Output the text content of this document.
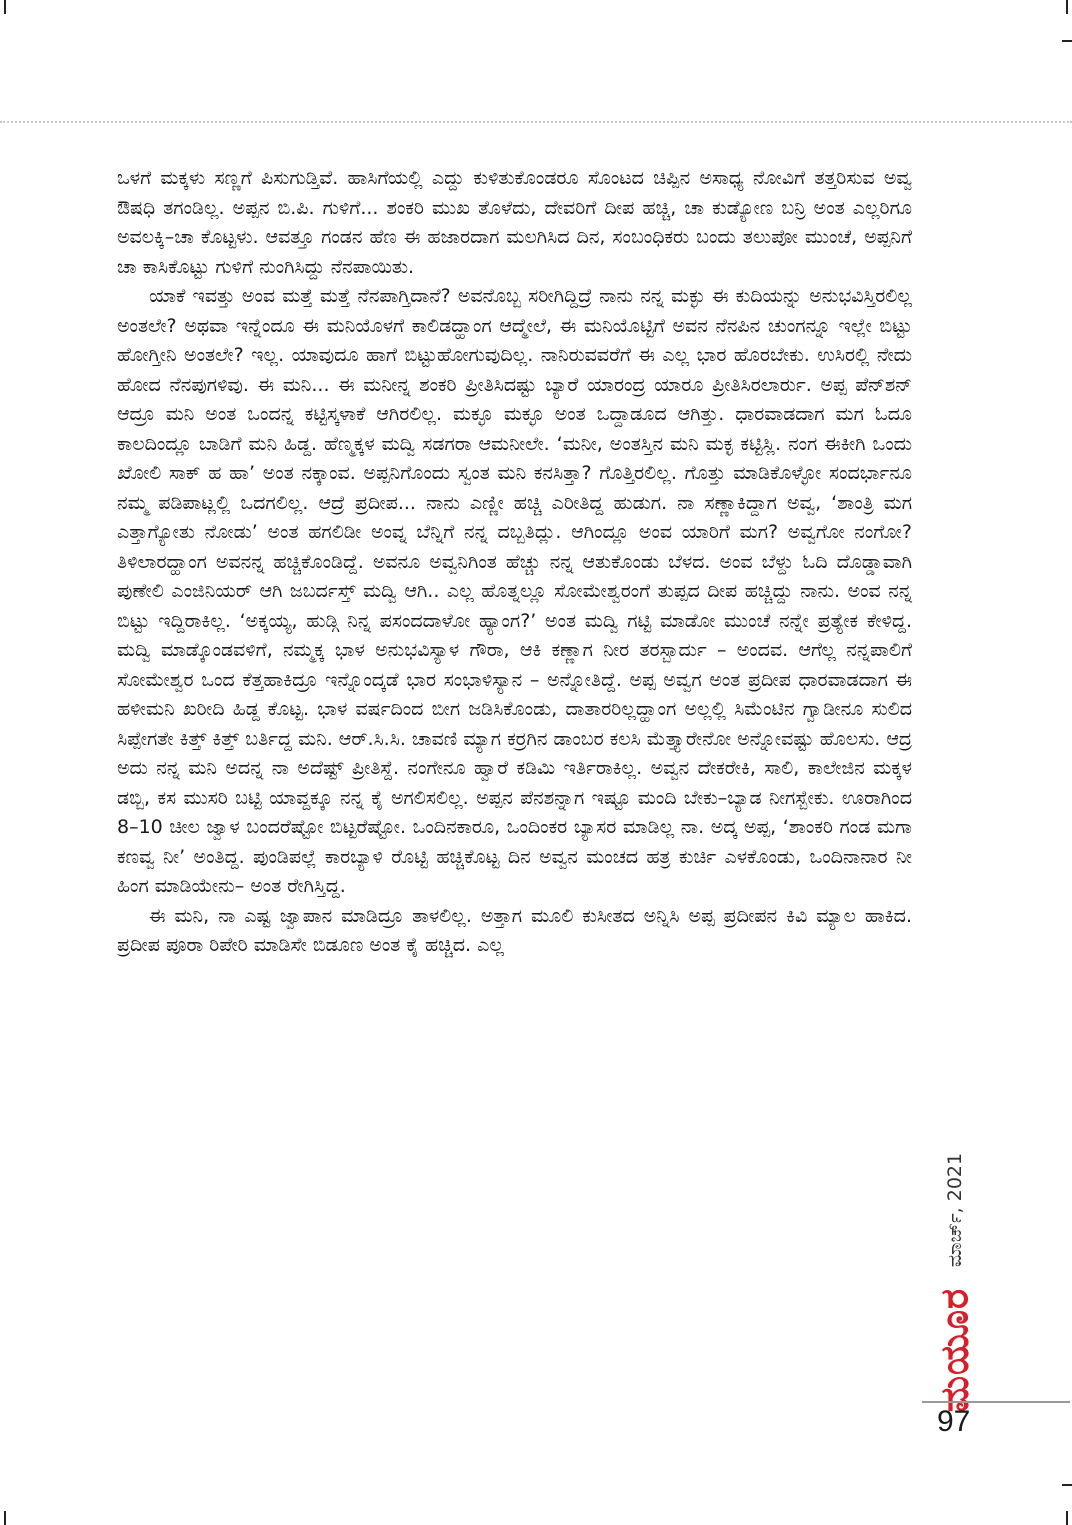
ಒಳಗೆ ಮಕ್ಕಳು ಸಣ್ಣಗೆ ಪಿಸುಗುಡ್ತಿವೆ. ಹಾಸಿಗೆಯಲ್ಲಿ ಎದ್ದು ಕುಳಿತುಕೊಂಡರೂ ಸೊಂಟದ ಚಿಪ್ಪಿನ ಅಸಾಧ್ಯ ನೋವಿಗೆ ತತ್ತರಿಸುವ ಅವ್ವ ಔಷಧಿ ತಗಂಡಿಲ್ಲ. ಅಪ್ಪನ ಬಿ.ಪಿ. ಗುಳಿಗೆ... ಶಂಕರಿ ಮುಖ ತೊಳೆದು, ದೇವರಿಗೆ ದೀಪ ಹಚ್ಚಿ, ಚಾ ಕುಡ್ಯೋಣ ಬನ್ರಿ ಅಂತ ಎಲ್ಲರಿಗೂ ಅವಲಕ್ಕಿ–ಚಾ ಕೊಟ್ಟಳು. ಆವತ್ತೂ ಗಂಡನ ಹೆಣ ಈ ಹಜಾರದಾಗ ಮಲಗಿಸಿದ ದಿನ, ಸಂಬಂಧಿಕರು ಬಂದು ತಲುಪೋ ಮುಂಚೆ, ಅಪ್ಪನಿಗೆ ಚಾ ಕಾಸಿಕೊಟ್ಟು ಗುಳಿಗೆ ನುಂಗಿಸಿದ್ದು ನೆನಪಾಯಿತು.

ಯಾಕೆ ಇವತ್ತು ಅಂವ ಮತ್ತೆ ಮತ್ತೆ ನೆನಪಾಗ್ತಿದಾನೆ? ಅವನೊಬ್ಬ ಸರೀಗಿದ್ದಿದ್ರೆ ನಾನು ನನ್ನ ಮಕ್ಳು ಈ ಕುದಿಯನ್ನು ಅನುಭವಿಸ್ತಿರಲಿಲ್ಲ ಅಂತಲೇ? ಅಥವಾ ಇನ್ನೆಂದೂ ಈ ಮನಿಯೊಳಗೆ ಕಾಲಿಡದ್ಹಾಂಗ ಆದ್ಮೇಲೆ, ಈ ಮನಿಯೊಟ್ಟಿಗೆ ಅವನ ನೆನಪಿನ ಚುಂಗನ್ನೂ ಇಲ್ಲೇ ಬಿಟ್ಟು ಹೋಗ್ತೀನಿ ಅಂತಲೇ? ಇಲ್ಲ. ಯಾವುದೂ ಹಾಗೆ ಬಿಟ್ಟುಹೋಗುವುದಿಲ್ಲ. ನಾನಿರುವವರೆಗೆ ಈ ಎಲ್ಲ ಭಾರ ಹೊರಬೇಕು. ಉಸಿರಲ್ಲಿ ನೇದು ಹೋದ ನೆನಪುಗಳಿವು. ಈ ಮನಿ... ಈ ಮನೀನ್ನ ಶಂಕರಿ ಪ್ರೀತಿಸಿದಷ್ಟು ಬ್ಯಾರೆ ಯಾರಂದ್ರ ಯಾರೂ ಪ್ರೀತಿಸಿರಲಾರ್ರು. ಅಪ್ಪ ಪೆನ್‌ಶನ್ ಆದ್ರೂ ಮನಿ ಅಂತ ಒಂದನ್ನ ಕಟ್ಟಿಸ್ಕಳಾಕೆ ಆಗಿರಲಿಲ್ಲ. ಮಕ್ಳೂ ಮಕ್ಳೂ ಅಂತ ಒದ್ದಾಡೂದ ಆಗಿತ್ತು. ಧಾರವಾಡದಾಗ ಮಗ ಓದೂ ಕಾಲದಿಂದ್ಲೂ ಬಾಡಿಗೆ ಮನಿ ಹಿಡ್ದ. ಹೆಣ್ಮಕ್ಕಳ ಮದ್ವಿ ಸಡಗರಾ ಆಮನೀಲೇ. ‘ಮನೀ, ಅಂತಸ್ತಿನ ಮನಿ ಮಕ್ಳ ಕಟ್ಟಿಸ್ಲಿ. ನಂಗ ಈಕೀಗಿ ಒಂದು ಖೋಲಿ ಸಾಕ್ ಹ ಹಾ’ ಅಂತ ನಕ್ಕಾಂವ. ಅಪ್ಪನಿಗೊಂದು ಸ್ವಂತ ಮನಿ ಕನಸಿತ್ತಾ? ಗೊತ್ತಿರಲಿಲ್ಲ. ಗೊತ್ತು ಮಾಡಿಕೊಳ್ಳೋ ಸಂದರ್ಭಾನೂ ನಮ್ಮ ಪಡಿಪಾಟ್ಲಲ್ಲಿ ಒದಗಲಿಲ್ಲ. ಆದ್ರೆ ಪ್ರದೀಪ... ನಾನು ಎಣ್ಣೀ ಹಚ್ಚಿ ಎರೀತಿದ್ದ ಹುಡುಗ. ನಾ ಸಣ್ಣಾಕಿದ್ದಾಗ ಅವ್ವ, ‘ಶಾಂತ್ರಿ ಮಗ ಎತ್ತಾಗ್ಯೋತು ನೋಡು’ ಅಂತ ಹಗಲಿಡೀ ಅಂವ್ನ ಬೆನ್ನಿಗೆ ನನ್ನ ದಬ್ಬತಿದ್ಲು. ಆಗಿಂದ್ಲೂ ಅಂವ ಯಾರಿಗೆ ಮಗ? ಅವ್ವಗೋ ನಂಗೋ? ತಿಳಿಲಾರದ್ಹಾಂಗ ಅವನನ್ನ ಹಚ್ಚಿಕೊಂಡಿದ್ದೆ. ಅವನೂ ಅವ್ವನಿಗಿಂತ ಹೆಚ್ಚು ನನ್ನ ಆತುಕೊಂಡು ಬೆಳದ. ಅಂವ ಬೆಳ್ದು ಓದಿ ದೊಡ್ಡಾವಾಗಿ ಪುಣೇಲಿ ಎಂಜಿನಿಯರ್ ಆಗಿ ಜಬರ್ದಸ್ತ್ ಮದ್ವಿ ಆಗಿ.. ಎಲ್ಲ ಹೊತ್ನಲ್ಲೂ ಸೋಮೇಶ್ವರಂಗೆ ತುಪ್ಪದ ದೀಪ ಹಚ್ಚಿದ್ದು ನಾನು. ಅಂವ ನನ್ನ ಬಿಟ್ಟು ಇದ್ದಿರಾಕಿಲ್ಲ. ‘ಅಕ್ಕಯ್ಯ, ಹುಡ್ಗಿ ನಿನ್ನ ಪಸಂದದಾಳೋ ಹ್ಯಾಂಗ?’ ಅಂತ ಮದ್ವಿ ಗಟ್ಟಿ ಮಾಡೋ ಮುಂಚೆ ನನ್ನೇ ಪ್ರತ್ಯೇಕ ಕೇಳಿದ್ದ. ಮದ್ವಿ ಮಾಡ್ಕೊಂಡವಳಿಗೆ, ನಮ್ಮಕ್ಕ ಭಾಳ ಅನುಭವಿಸ್ಯಾಳ ಗೌರಾ, ಆಕಿ ಕಣ್ಣಾಗ ನೀರ ತರಸ್ಬಾರ್ದು – ಅಂದವ. ಆಗೆಲ್ಲ ನನ್ನಪಾಲಿಗೆ ಸೋಮೇಶ್ವರ ಒಂದ ಕೆತ್ತಹಾಕಿದ್ರೂ ಇನ್ನೊಂದ್ಕಡೆ ಭಾರ ಸಂಭಾಳಿಸ್ಯಾನ – ಅನ್ನೋತಿದ್ದೆ. ಅಪ್ಪ ಅವ್ವಗ ಅಂತ ಪ್ರದೀಪ ಧಾರವಾಡದಾಗ ಈ ಹಳೀಮನಿ ಖರೀದಿ ಹಿಡ್ದ ಕೊಟ್ಟ. ಭಾಳ ವರ್ಷದಿಂದ ಬೀಗ ಜಡಿಸಿಕೊಂಡು, ದಾತಾರರಿಲ್ಲದ್ಹಾಂಗ ಅಲ್ಲಲ್ಲಿ ಸಿಮೆಂಟಿನ ಗ್ವಾಡೀನೂ ಸುಲಿದ ಸಿಪ್ಪೇಗತೇ ಕಿತ್ತ್ ಕಿತ್ತ್ ಬರ್ತಿದ್ದ ಮನಿ. ಆರ್.ಸಿ.ಸಿ. ಚಾವಣಿ ಮ್ಯಾಗ ಕರ್‍ರಗಿನ ಡಾಂಬರ ಕಲಸಿ ಮೆತ್ತ್ಯಾರೇನೋ ಅನ್ನೋವಷ್ಟು ಹೊಲಸು. ಆದ್ರ ಅದು ನನ್ನ ಮನಿ ಅದನ್ನ ನಾ ಅದೆಷ್ಟ್ ಪ್ರೀತಿಸ್ದೆ. ನಂಗೇನೂ ಹ್ವಾರೆ ಕಡಿಮಿ ಇರ್ತಿರಾಕಿಲ್ಲ. ಅವ್ವನ ದೇಕರೇಕಿ, ಸಾಲಿ, ಕಾಲೇಜಿನ ಮಕ್ಕಳ ಡಬ್ಬಿ, ಕಸ ಮುಸರಿ ಬಟ್ಟಿ ಯಾವ್ದಕ್ಕೂ ನನ್ನ ಕೈ ಅಗಲಿಸಲಿಲ್ಲ. ಅಪ್ಪನ ಪೆನಶನ್ನಾಗ ಇಷ್ಟೂ ಮಂದಿ ಬೇಕು–ಬ್ಯಾಡ ನೀಗಸ್ಬೇಕು. ಊರಾಗಿಂದ 8–10 ಚೀಲ ಜ್ವಾಳ ಬಂದರೆಷ್ಟೋ ಬಿಟ್ಟರೆಷ್ಟೋ. ಒಂದಿನಕಾರೂ, ಒಂದಿಂಕರ ಬ್ಯಾಸರ ಮಾಡಿಲ್ಲ ನಾ. ಅದ್ಕ ಅಪ್ಪ, ‘ಶಾಂಕರಿ ಗಂಡ ಮಗಾ ಕಣವ್ವ ನೀ’ ಅಂತಿದ್ದ. ಪುಂಡಿಪಲ್ಲೆ ಕಾರಬ್ಯಾಳಿ ರೊಟ್ಟಿ ಹಚ್ಚಿಕೊಟ್ಟ ದಿನ ಅವ್ವನ ಮಂಚದ ಹತ್ರ ಕುರ್ಚಿ ಎಳಕೊಂಡು, ಒಂದಿನಾನಾರ ನೀ ಹಿಂಗ ಮಾಡಿಯೇನು– ಅಂತ ರೇಗಿಸ್ತಿದ್ದ.

ಈ ಮನಿ, ನಾ ಎಷ್ಟ ಜ್ವಾಪಾನ ಮಾಡಿದ್ರೂ ತಾಳಲಿಲ್ಲ. ಅತ್ತಾಗ ಮೂಲಿ ಕುಸೀತದ ಅನ್ನಿಸಿ ಅಪ್ಪ ಪ್ರದೀಪನ ಕಿವಿ ಮ್ಯಾಲ ಹಾಕಿದ. ಪ್ರದೀಪ ಪೂರಾ ರಿಪೇರಿ ಮಾಡಿಸೇ ಬಿಡೂಣ ಅಂತ ಕೈ ಹಚ್ಚಿದ. ಎಲ್ಲ

ಮಾರ್ಚ್, 2021
ಮಯೂರ
97
